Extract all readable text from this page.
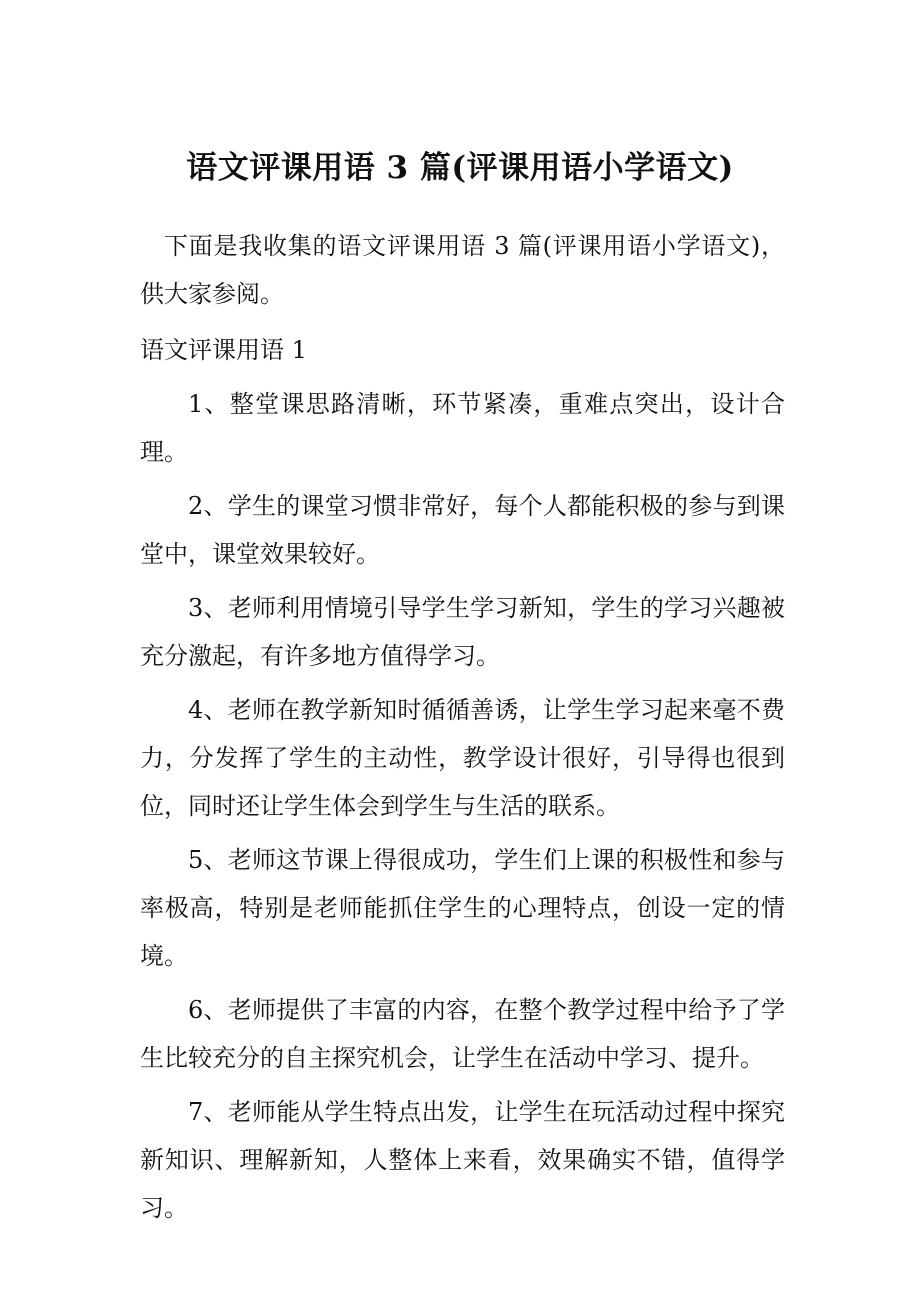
语文评课用语 3 篇(评课用语小学语文)

下面是我收集的语文评课用语 3 篇(评课用语小学语文)，供大家参阅。

语文评课用语 1

1、整堂课思路清晰，环节紧凑，重难点突出，设计合理。

2、学生的课堂习惯非常好，每个人都能积极的参与到课堂中，课堂效果较好。

3、老师利用情境引导学生学习新知，学生的学习兴趣被充分激起，有许多地方值得学习。

4、老师在教学新知时循循善诱，让学生学习起来毫不费力，分发挥了学生的主动性，教学设计很好，引导得也很到位，同时还让学生体会到学生与生活的联系。

5、老师这节课上得很成功，学生们上课的积极性和参与率极高，特别是老师能抓住学生的心理特点，创设一定的情境。

6、老师提供了丰富的内容，在整个教学过程中给予了学生比较充分的自主探究机会，让学生在活动中学习、提升。

7、老师能从学生特点出发，让学生在玩活动过程中探究新知识、理解新知，人整体上来看，效果确实不错，值得学习。
